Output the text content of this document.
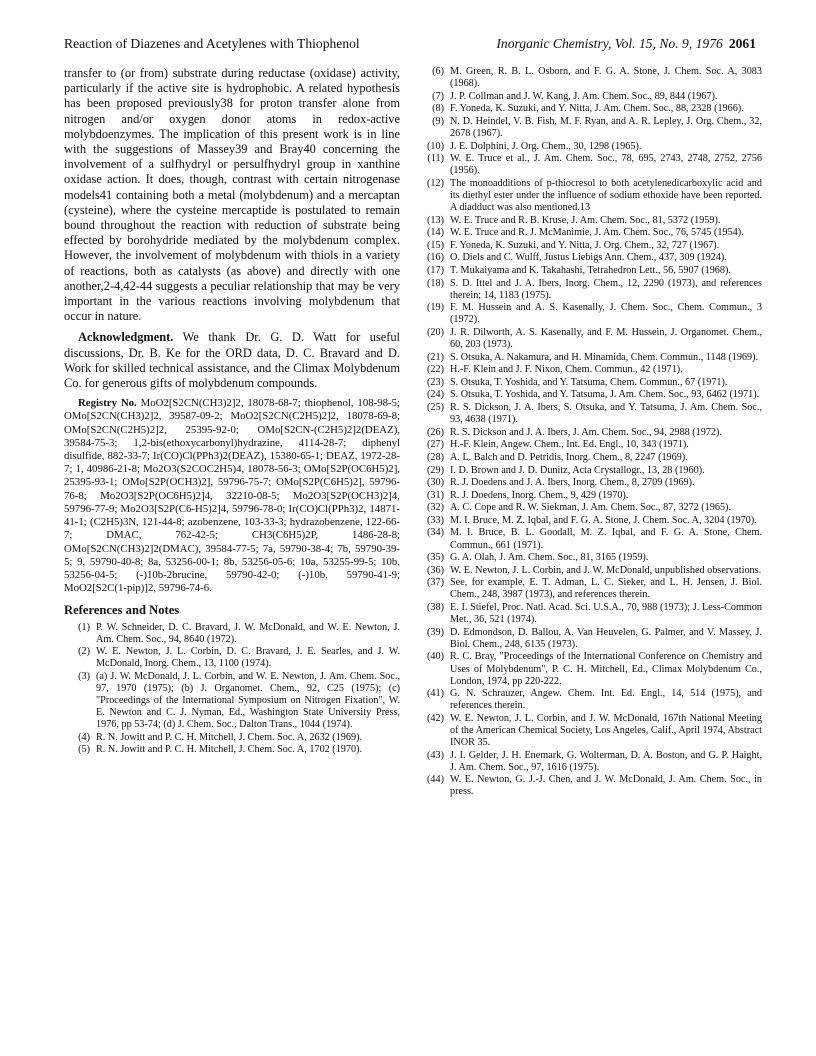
Reaction of Diazenes and Acetylenes with Thiophenol	Inorganic Chemistry, Vol. 15, No. 9, 1976 2061

transfer to (or from) substrate during reductase (oxidase) activity, particularly if the active site is hydrophobic. A related hypothesis has been proposed previously38 for proton transfer alone from nitrogen and/or oxygen donor atoms in redox-active molybdoenzymes. The implication of this present work is in line with the suggestions of Massey39 and Bray40 concerning the involvement of a sulfhydryl or persulfhydryl group in xanthine oxidase action. It does, though, contrast with certain nitrogenase models41 containing both a metal (molybdenum) and a mercaptan (cysteine), where the cysteine mercaptide is postulated to remain bound throughout the reaction with reduction of substrate being effected by borohydride mediated by the molybdenum complex. However, the involvement of molybdenum with thiols in a variety of reactions, both as catalysts (as above) and directly with one another,2-4,42-44 suggests a peculiar relationship that may be very important in the various reactions involving molybdenum that occur in nature.

Acknowledgment. We thank Dr. G. D. Watt for useful discussions, Dr. B. Ke for the ORD data, D. C. Bravard and D. Work for skilled technical assistance, and the Climax Molybdenum Co. for generous gifts of molybdenum compounds.

Registry No. MoO2[S2CN(CH3)2]2, 18078-68-7; thiophenol, 108-98-5; OMo[S2CN(CH3)2]2, 39587-09-2; MoO2[S2CN(C2H5)2]2, 18078-69-8; OMo[S2CN(C2H5)2]2, 25395-92-0; OMo[S2CN-(C2H5)2]2(DEAZ), 39584-75-3; 1,2-bis(ethoxycarbonyl)hydrazine, 4114-28-7; diphenyl disulfide, 882-33-7; Ir(CO)Cl(PPh3)2(DEAZ), 15380-65-1; DEAZ, 1972-28-7; 1, 40986-21-8; Mo2O3(S2COC2H5)4, 18078-56-3; OMo[S2P(OC6H5)2], 25395-93-1; OMo[S2P(OCH3)2], 59796-75-7; OMo[S2P(C6H5)2], 59796-76-8; Mo2O3[S2P(OC6H5)2]4, 32210-08-5; Mo2O3[S2P(OCH3)2]4, 59796-77-9; Mo2O3[S2P(C6-H5)2]4, 59796-78-0; Ir(CO)Cl(PPh3)2, 14871-41-1; (C2H5)3N, 121-44-8; azobenzene, 103-33-3; hydrazobenzene, 122-66-7; DMAC, 762-42-5; CH3(C6H5)2P, 1486-28-8; OMo[S2CN(CH3)2]2(DMAC), 39584-77-5; 7a, 59790-38-4; 7b, 59790-39-5; 9, 59790-40-8; 8a, 53256-00-1; 8b, 53256-05-6; 10a, 53255-99-5; 10b, 53256-04-5; (-)10b-2brucine, 59790-42-0; (-)10b, 59790-41-9; MoO2[S2C(1-pip)]2, 59796-74-6.

References and Notes
(1) P. W. Schneider, D. C. Bravard, J. W. McDonald, and W. E. Newton, J. Am. Chem. Soc., 94, 8640 (1972).
(2) W. E. Newton, J. L. Corbin, D. C. Bravard, J. E. Searles, and J. W. McDonald, Inorg. Chem., 13, 1100 (1974).
(3) (a) J. W. McDonald, J. L. Corbin, and W. E. Newton, J. Am. Chem. Soc., 97, 1970 (1975); (b) J. Organomet. Chem., 92, C25 (1975); (c) "Proceedings of the International Symposium on Nitrogen Fixation", W. E. Newton and C. J. Nyman, Ed., Washington State University Press, 1976, pp 53-74; (d) J. Chem. Soc., Dalton Trans., 1044 (1974).
(4) R. N. Jowitt and P. C. H. Mitchell, J. Chem. Soc. A, 2632 (1969).
(5) R. N. Jowitt and P. C. H. Mitchell, J. Chem. Soc. A, 1702 (1970).
(6) M. Green, R. B. L. Osborn, and F. G. A. Stone, J. Chem. Soc. A, 3083 (1968).
(7) J. P. Collman and J. W. Kang, J. Am. Chem. Soc., 89, 844 (1967).
(8) F. Yoneda, K. Suzuki, and Y. Nitta, J. Am. Chem. Soc., 88, 2328 (1966).
(9) N. D. Heindel, V. B. Fish, M. F. Ryan, and A. R. Lepley, J. Org. Chem., 32, 2678 (1967).
(10) J. E. Dolphini, J. Org. Chem., 30, 1298 (1965).
(11) W. E. Truce et al., J. Am. Chem. Soc., 78, 695, 2743, 2748, 2752, 2756 (1956).
(12) The monoadditions of p-thiocresol to both acetylenedicarboxylic acid and its diethyl ester under the influence of sodium ethoxide have been reported. A diadduct was also mentioned.13
(13) W. E. Truce and R. B. Kruse, J. Am. Chem. Soc., 81, 5372 (1959).
(14) W. E. Truce and R. J. McManimie, J. Am. Chem. Soc., 76, 5745 (1954).
(15) F. Yoneda, K. Suzuki, and Y. Nitta, J. Org. Chem., 32, 727 (1967).
(16) O. Diels and C. Wulff, Justus Liebigs Ann. Chem., 437, 309 (1924).
(17) T. Mukaiyama and K. Takahashi, Tetrahedron Lett., 56, 5907 (1968).
(18) S. D. Ittel and J. A. Ibers, Inorg. Chem., 12, 2290 (1973), and references therein; 14, 1183 (1975).
(19) F. M. Hussein and A. S. Kasenally, J. Chem. Soc., Chem. Commun., 3 (1972).
(20) J. R. Dilworth, A. S. Kasenally, and F. M. Hussein, J. Organomet. Chem., 60, 203 (1973).
(21) S. Otsuka, A. Nakamura, and H. Minamida, Chem. Commun., 1148 (1969).
(22) H.-F. Klein and J. F. Nixon, Chem. Commun., 42 (1971).
(23) S. Otsuka, T. Yoshida, and Y. Tatsuma, Chem. Commun., 67 (1971).
(24) S. Otsuka, T. Yoshida, and Y. Tatsuma, J. Am. Chem. Soc., 93, 6462 (1971).
(25) R. S. Dickson, J. A. Ibers, S. Otsuka, and Y. Tatsuma, J. Am. Chem. Soc., 93, 4638 (1971).
(26) R. S. Dickson and J. A. Ibers, J. Am. Chem. Soc., 94, 2988 (1972).
(27) H.-F. Klein, Angew. Chem., Int. Ed. Engl., 10, 343 (1971).
(28) A. L. Balch and D. Petridis, Inorg. Chem., 8, 2247 (1969).
(29) I. D. Brown and J. D. Dunitz, Acta Crystallogr., 13, 28 (1960).
(30) R. J. Doedens and J. A. Ibers, Inorg. Chem., 8, 2709 (1969).
(31) R. J. Doedens, Inorg. Chem., 9, 429 (1970).
(32) A. C. Cope and R. W. Siekman, J. Am. Chem. Soc., 87, 3272 (1965).
(33) M. I. Bruce, M. Z. Iqbal, and F. G. A. Stone, J. Chem. Soc. A, 3204 (1970).
(34) M. I. Bruce, B. L. Goodall, M. Z. Iqbal, and F. G. A. Stone, Chem. Commun., 661 (1971).
(35) G. A. Olah, J. Am. Chem. Soc., 81, 3165 (1959).
(36) W. E. Newton, J. L. Corbin, and J. W. McDonald, unpublished observations.
(37) See, for example, E. T. Adman, L. C. Sieker, and L. H. Jensen, J. Biol. Chem., 248, 3987 (1973), and references therein.
(38) E. I. Stiefel, Proc. Natl. Acad. Sci. U.S.A., 70, 988 (1973); J. Less-Common Met., 36, 521 (1974).
(39) D. Edmondson, D. Ballou, A. Van Heuvelen, G. Palmer, and V. Massey, J. Biol. Chem., 248, 6135 (1973).
(40) R. C. Bray, "Proceedings of the International Conference on Chemistry and Uses of Molybdenum", P. C. H. Mitchell, Ed., Climax Molybdenum Co., London, 1974, pp 220-222.
(41) G. N. Schrauzer, Angew. Chem. Int. Ed. Engl., 14, 514 (1975), and references therein.
(42) W. E. Newton, J. L. Corbin, and J. W. McDonald, 167th National Meeting of the American Chemical Society, Los Angeles, Calif., April 1974, Abstract INOR 35.
(43) J. I. Gelder, J. H. Enemark, G. Wolterman, D. A. Boston, and G. P. Haight, J. Am. Chem. Soc., 97, 1616 (1975).
(44) W. E. Newton, G. J.-J. Chen, and J. W. McDonald, J. Am. Chem. Soc., in press.
